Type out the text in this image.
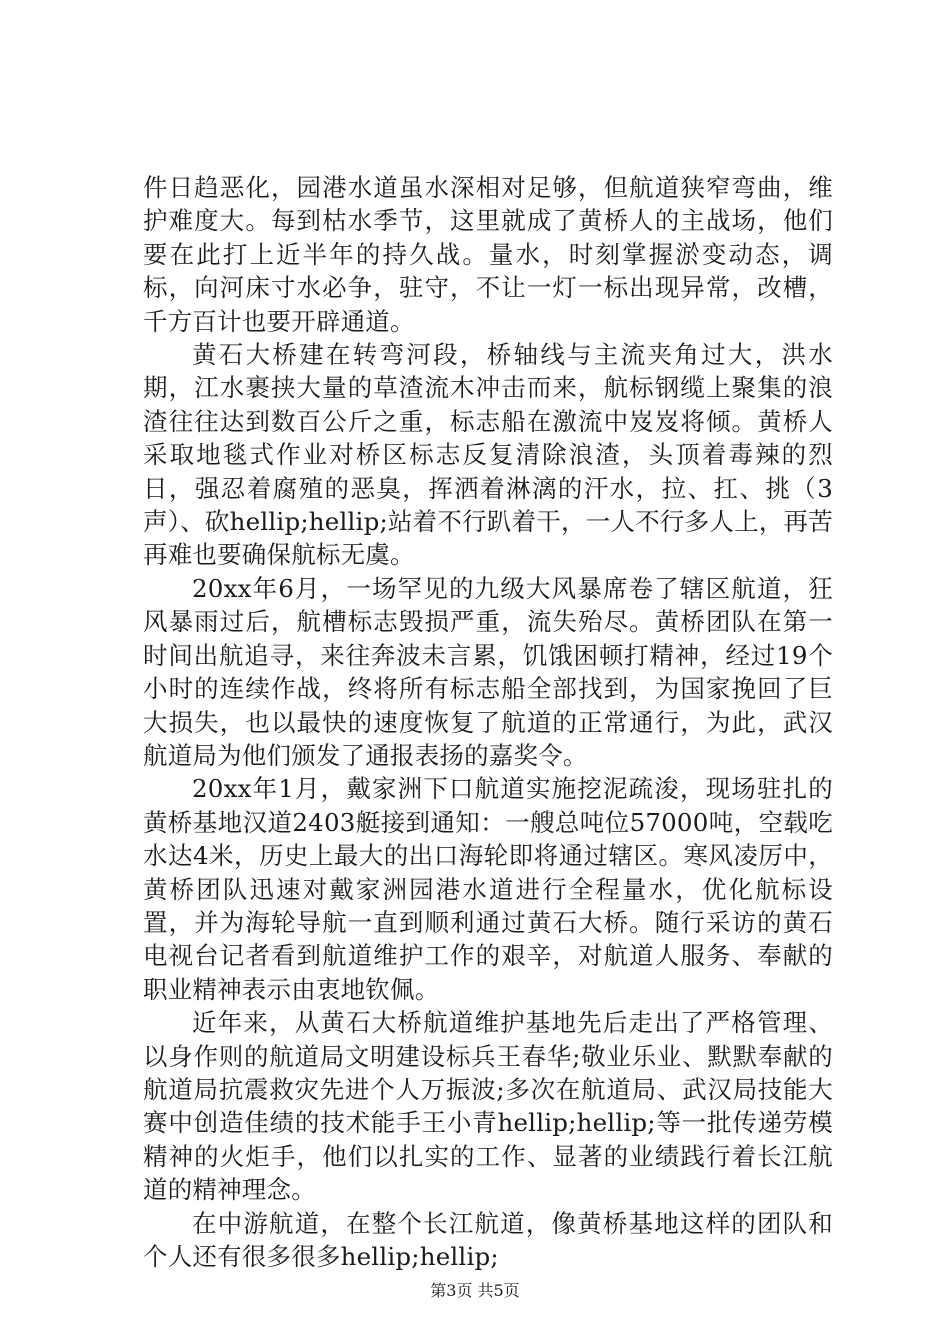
件日趋恶化，园港水道虽水深相对足够，但航道狭窄弯曲，维护难度大。每到枯水季节，这里就成了黄桥人的主战场，他们要在此打上近半年的持久战。量水，时刻掌握淤变动态，调标，向河床寸水必争，驻守，不让一灯一标出现异常，改槽，千方百计也要开辟通道。

黄石大桥建在转弯河段，桥轴线与主流夹角过大，洪水期，江水裹挟大量的草渣流木冲击而来，航标钢缆上聚集的浪渣往往达到数百公斤之重，标志船在激流中岌岌将倾。黄桥人采取地毯式作业对桥区标志反复清除浪渣，头顶着毒辣的烈日，强忍着腐殖的恶臭，挥洒着淋漓的汗水，拉、扛、挑（3声）、砍hellip;hellip;站着不行趴着干，一人不行多人上，再苦再难也要确保航标无虞。

20xx年6月，一场罕见的九级大风暴席卷了辖区航道，狂风暴雨过后，航槽标志毁损严重，流失殆尽。黄桥团队在第一时间出航追寻，来往奔波未言累，饥饿困顿打精神，经过19个小时的连续作战，终将所有标志船全部找到，为国家挽回了巨大损失，也以最快的速度恢复了航道的正常通行，为此，武汉航道局为他们颁发了通报表扬的嘉奖令。

20xx年1月，戴家洲下口航道实施挖泥疏浚，现场驻扎的黄桥基地汉道2403艇接到通知：一艘总吨位57000吨，空载吃水达4米，历史上最大的出口海轮即将通过辖区。寒风凌厉中，黄桥团队迅速对戴家洲园港水道进行全程量水，优化航标设置，并为海轮导航一直到顺利通过黄石大桥。随行采访的黄石电视台记者看到航道维护工作的艰辛，对航道人服务、奉献的职业精神表示由衷地钦佩。

近年来，从黄石大桥航道维护基地先后走出了严格管理、以身作则的航道局文明建设标兵王春华;敬业乐业、默默奉献的航道局抗震救灾先进个人万振波;多次在航道局、武汉局技能大赛中创造佳绩的技术能手王小青hellip;hellip;等一批传递劳模精神的火炬手，他们以扎实的工作、显著的业绩践行着长江航道的精神理念。

在中游航道，在整个长江航道，像黄桥基地这样的团队和个人还有很多很多hellip;hellip;

第3页 共5页
